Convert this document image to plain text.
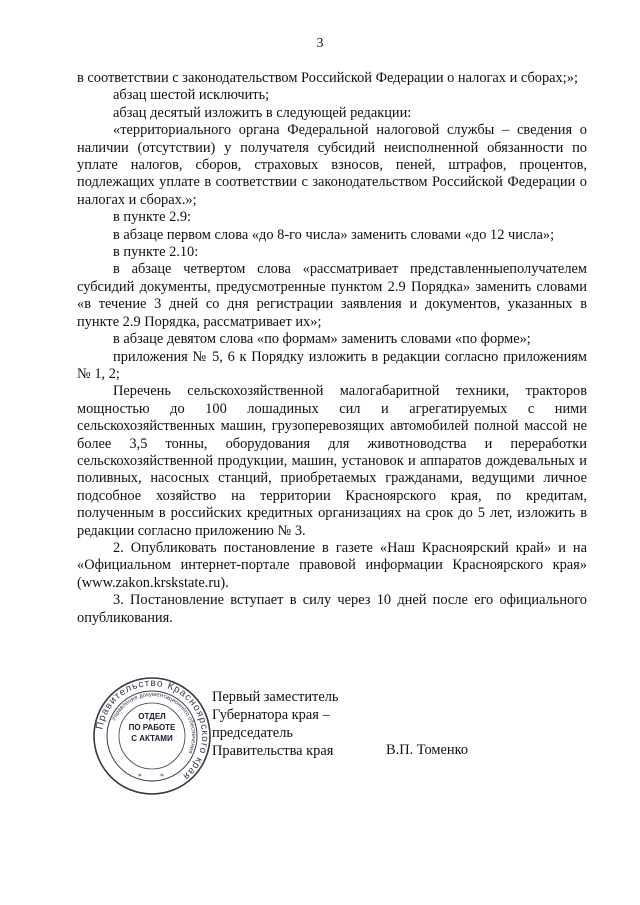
3

в соответствии с законодательством Российской Федерации о налогах и сборах;»;

абзац шестой исключить;

абзац десятый изложить в следующей редакции:

«территориального органа Федеральной налоговой службы – сведения о наличии (отсутствии) у получателя субсидий неисполненной обязанности по уплате налогов, сборов, страховых взносов, пеней, штрафов, процентов, подлежащих уплате в соответствии с законодательством Российской Федерации о налогах и сборах.»;

в пункте 2.9:

в абзаце первом слова «до 8-го числа» заменить словами «до 12 числа»;

в пункте 2.10:

в абзаце четвертом слова «рассматривает представленныеполучателем субсидий документы, предусмотренные пунктом 2.9 Порядка» заменить словами «в течение 3 дней со дня регистрации заявления и документов, указанных в пункте 2.9 Порядка, рассматривает их»;

в абзаце девятом слова «по формам» заменить словами «по форме»;

приложения № 5, 6 к Порядку изложить в редакции согласно приложениям № 1, 2;

Перечень сельскохозяйственной малогабаритной техники, тракторов мощностью до 100 лошадиных сил и агрегатируемых с ними сельскохозяйственных машин, грузоперевозящих автомобилей полной массой не более 3,5 тонны, оборудования для животноводства и переработки сельскохозяйственной продукции, машин, установок и аппаратов дождевальных и поливных, насосных станций, приобретаемых гражданами, ведущими личное подсобное хозяйство на территории Красноярского края, по кредитам, полученным в российских кредитных организациях на срок до 5 лет, изложить в редакции согласно приложению № 3.

2. Опубликовать постановление в газете «Наш Красноярский край» и на «Официальном интернет-портале правовой информации Красноярского края» (www.zakon.krskstate.ru).

3. Постановление вступает в силу через 10 дней после его официального опубликования.

Первый заместитель
Губернатора края –
председатель
Правительства края	В.П. Томенко
Правительство Красноярского края
Управление документационного обеспечения
* *
ОТДЕЛ
ПО РАБОТЕ
С АКТАМИ
